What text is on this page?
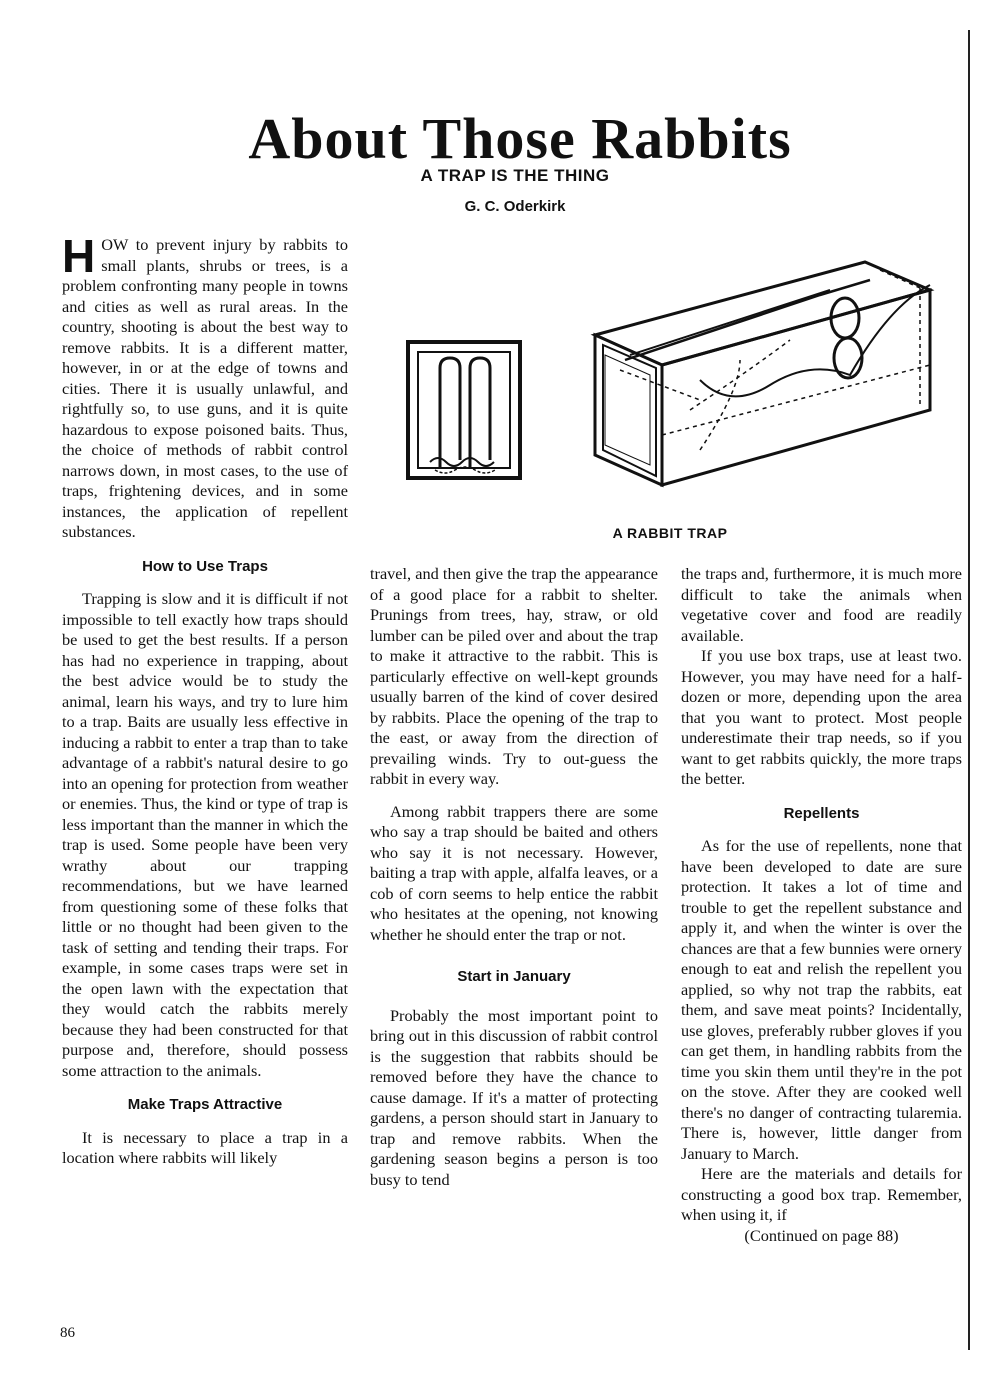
About Those Rabbits
A TRAP IS THE THING
G. C. Oderkirk

HOW to prevent injury by rabbits to small plants, shrubs or trees, is a problem confronting many people in towns and cities as well as rural areas. In the country, shooting is about the best way to remove rabbits. It is a different matter, however, in or at the edge of towns and cities. There it is usually unlawful, and rightfully so, to use guns, and it is quite hazardous to expose poisoned baits. Thus, the choice of methods of rabbit control narrows down, in most cases, to the use of traps, frightening devices, and in some instances, the application of repellent substances.

How to Use Traps

Trapping is slow and it is difficult if not impossible to tell exactly how traps should be used to get the best results. If a person has had no experience in trapping, about the best advice would be to study the animal, learn his ways, and try to lure him to a trap. Baits are usually less effective in inducing a rabbit to enter a trap than to take advantage of a rabbit's natural desire to go into an opening for protection from weather or enemies. Thus, the kind or type of trap is less important than the manner in which the trap is used. Some people have been very wrathy about our trapping recommendations, but we have learned from questioning some of these folks that little or no thought had been given to the task of setting and tending their traps. For example, in some cases traps were set in the open lawn with the expectation that they would catch the rabbits merely because they had been constructed for that purpose and, therefore, should possess some attraction to the animals.

Make Traps Attractive

It is necessary to place a trap in a location where rabbits will likely

A RABBIT TRAP

travel, and then give the trap the appearance of a good place for a rabbit to shelter. Prunings from trees, hay, straw, or old lumber can be piled over and about the trap to make it attractive to the rabbit. This is particularly effective on well-kept grounds usually barren of the kind of cover desired by rabbits. Place the opening of the trap to the east, or away from the direction of prevailing winds. Try to out-guess the rabbit in every way.

Among rabbit trappers there are some who say a trap should be baited and others who say it is not necessary. However, baiting a trap with apple, alfalfa leaves, or a cob of corn seems to help entice the rabbit who hesitates at the opening, not knowing whether he should enter the trap or not.

Start in January

Probably the most important point to bring out in this discussion of rabbit control is the suggestion that rabbits should be removed before they have the chance to cause damage. If it's a matter of protecting gardens, a person should start in January to trap and remove rabbits. When the gardening season begins a person is too busy to tend

the traps and, furthermore, it is much more difficult to take the animals when vegetative cover and food are readily available.

If you use box traps, use at least two. However, you may have need for a half-dozen or more, depending upon the area that you want to protect. Most people underestimate their trap needs, so if you want to get rabbits quickly, the more traps the better.

Repellents

As for the use of repellents, none that have been developed to date are sure protection. It takes a lot of time and trouble to get the repellent substance and apply it, and when the winter is over the chances are that a few bunnies were ornery enough to eat and relish the repellent you applied, so why not trap the rabbits, eat them, and save meat points? Incidentally, use gloves, preferably rubber gloves if you can get them, in handling rabbits from the time you skin them until they're in the pot on the stove. After they are cooked well there's no danger of contracting tularemia. There is, however, little danger from January to March.

Here are the materials and details for constructing a good box trap. Remember, when using it, if

(Continued on page 88)

86
